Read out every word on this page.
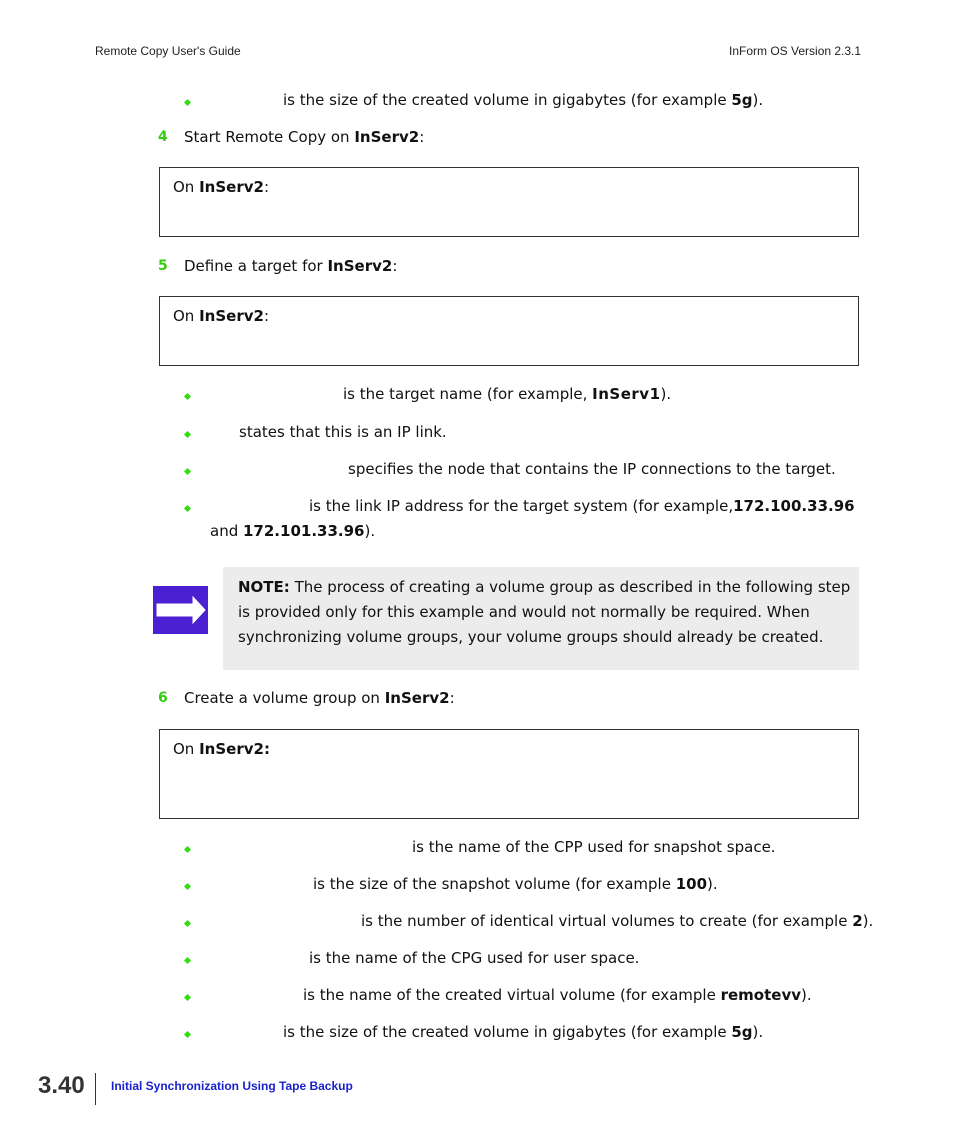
Remote Copy User's Guide	InForm OS Version 2.3.1
is the size of the created volume in gigabytes (for example 5g).
4 Start Remote Copy on InServ2:
On InServ2:
5 Define a target for InServ2:
On InServ2:
is the target name (for example, InServ1).
states that this is an IP link.
specifies the node that contains the IP connections to the target.
is the link IP address for the target system (for example,172.100.33.96
and 172.101.33.96).
NOTE: The process of creating a volume group as described in the following step
is provided only for this example and would not normally be required. When
synchronizing volume groups, your volume groups should already be created.
6 Create a volume group on InServ2:
On InServ2:
is the name of the CPP used for snapshot space.
is the size of the snapshot volume (for example 100).
is the number of identical virtual volumes to create (for example 2).
is the name of the CPG used for user space.
is the name of the created virtual volume (for example remotevv).
is the size of the created volume in gigabytes (for example 5g).
3.40 Initial Synchronization Using Tape Backup
